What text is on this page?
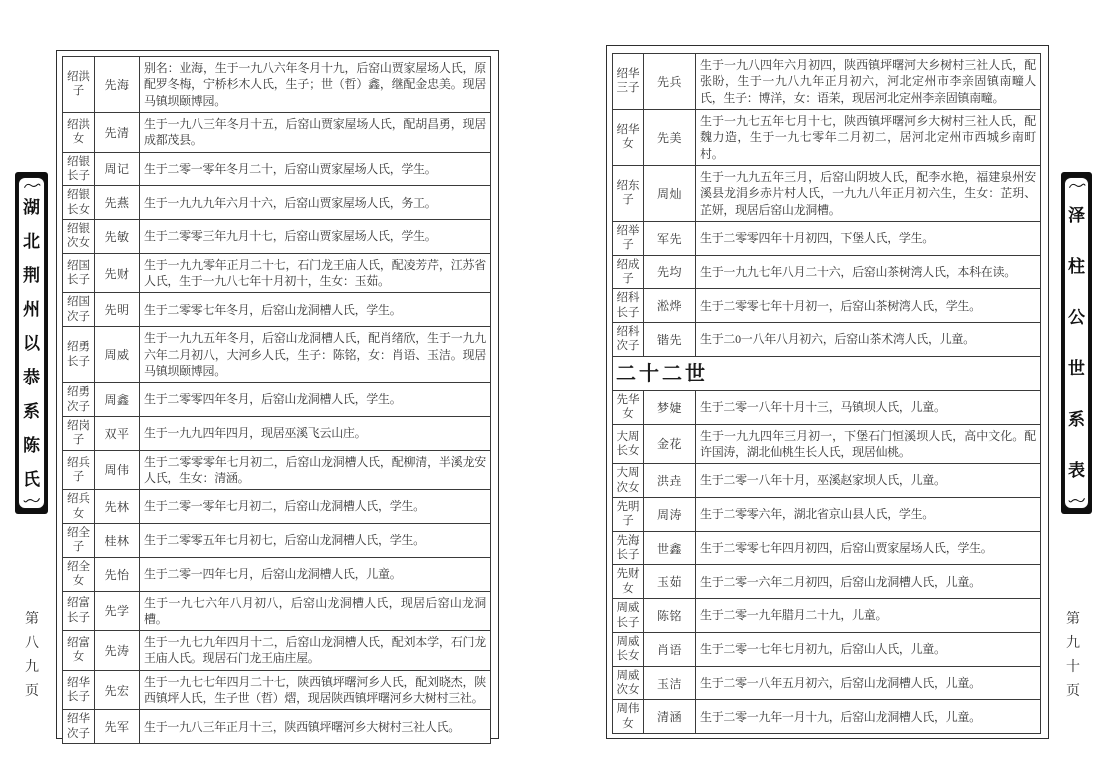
湖
北
荆
州
以
恭
系
陈
氏
第
八
九
页
绍洪子	先海	别名：业海，生于一九八六年冬月十九，后窑山贾家屋场人氏，原配罗冬梅，宁桥杉木人氏，生子；世（哲）鑫，继配金忠美。现居马镇坝颐博园。
绍洪女	先清	生于一九八三年冬月十五，后窑山贾家屋场人氏，配胡昌勇，现居成都茂县。
绍银长子	周记	生于二零一零年冬月二十，后窑山贾家屋场人氏，学生。
绍银长女	先燕	生于一九九九年六月十六，后窑山贾家屋场人氏，务工。
绍银次女	先敏	生于二零零三年九月十七，后窑山贾家屋场人氏，学生。
绍国长子	先财	生于一九九零年正月二十七，石门龙王庙人氏，配凌芳芹，江苏省人氏，生于一九八七年十月初十，生女：玉茹。
绍国次子	先明	生于二零零七年冬月，后窑山龙洞槽人氏，学生。
绍勇长子	周威	生于一九九五年冬月，后窑山龙洞槽人氏，配肖绪欣，生于一九九六年二月初八，大河乡人氏，生子：陈铭，女：肖语、玉洁。现居马镇坝颐博园。
绍勇次子	周鑫	生于二零零四年冬月，后窑山龙洞槽人氏，学生。
绍岗子	双平	生于一九九四年四月，现居巫溪飞云山庄。
绍兵子	周伟	生于二零零零年七月初二，后窑山龙洞槽人氏，配柳清，半溪龙安人氏，生女：清涵。
绍兵女	先林	生于二零一零年七月初二，后窑山龙洞槽人氏，学生。
绍全子	桂林	生于二零零五年七月初七，后窑山龙洞槽人氏，学生。
绍全女	先怡	生于二零一四年七月，后窑山龙洞槽人氏，儿童。
绍富长子	先学	生于一九七六年八月初八，后窑山龙洞槽人氏，现居后窑山龙洞槽。
绍富女	先涛	生于一九七九年四月十二，后窑山龙洞槽人氏，配刘本学，石门龙王庙人氏。现居石门龙王庙庄屋。
绍华长子	先宏	生于一九七七年四月二十七，陕西镇坪曙河乡人氏，配刘晓杰，陕西镇坪人氏，生子世（哲）熠，现居陕西镇坪曙河乡大树村三社。
绍华次子	先军	生于一九八三年正月十三，陕西镇坪曙河乡大树村三社人氏。
绍华三子	先兵	生于一九八四年六月初四，陕西镇坪曙河大乡树村三社人氏，配张盼，生于一九八九年正月初六，河北定州市李亲固镇南疃人氏，生子：博洋，女：语茉，现居河北定州李亲固镇南疃。
绍华女	先美	生于一九七五年七月十七，陕西镇坪曙河乡大树村三社人氏，配魏力造，生于一九七零年二月初二，居河北定州市西城乡南町村。
绍东子	周灿	生于一九九五年三月，后窑山阴坡人氏，配李水艳，福建泉州安溪县龙涓乡赤片村人氏，一九九八年正月初六生，生女：芷玥、芷妍，现居后窑山龙洞槽。
绍举子	军先	生于二零零四年十月初四，下堡人氏，学生。
绍成子	先均	生于一九九七年八月二十六，后窑山茶树湾人氏，本科在读。
绍科长子	淞烨	生于二零零七年十月初一，后窑山茶树湾人氏，学生。
绍科次子	锴先	生于二0一八年八月初六，后窑山茶术湾人氏，儿童。
二十二世		
先华女	梦婕	生于二零一八年十月十三，马镇坝人氏，儿童。
大周长女	金花	生于一九九四年三月初一，下堡石门恒溪坝人氏，高中文化。配许国涛，湖北仙桃生长人氏，现居仙桃。
大周次女	洪垚	生于二零一八年十月，巫溪赵家坝人氏，儿童。
先明子	周涛	生于二零零六年，湖北省京山县人氏，学生。
先海长子	世鑫	生于二零零七年四月初四，后窑山贾家屋场人氏，学生。
先财女	玉茹	生于二零一六年二月初四，后窑山龙洞槽人氏，儿童。
周威长子	陈铭	生于二零一九年腊月二十九，儿童。
周威长女	肖语	生于二零一七年七月初九，后窑山人氏，儿童。
周威次女	玉洁	生于二零一八年五月初六，后窑山龙洞槽人氏，儿童。
周伟女	清涵	生于二零一九年一月十九，后窑山龙洞槽人氏，儿童。
泽
柱
公
世
系
表
第
九
十
页
